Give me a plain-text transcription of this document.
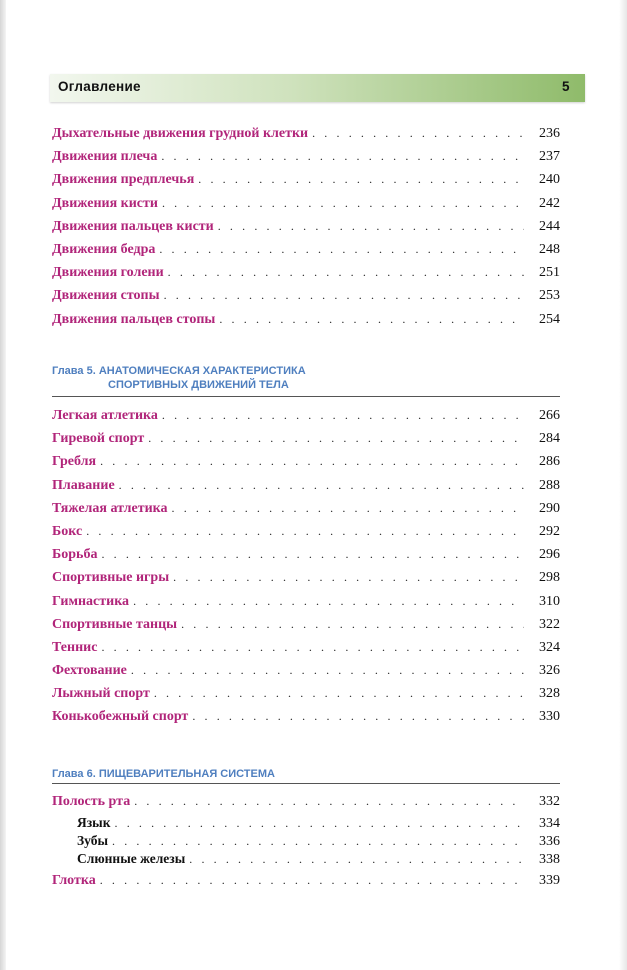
Оглавление	5
Дыхательные движения грудной клетки . . .	236
Движения плеча . . .	237
Движения предплечья . . .	240
Движения кисти . . .	242
Движения пальцев кисти . . .	244
Движения бедра . . .	248
Движения голени . . .	251
Движения стопы . . .	253
Движения пальцев стопы . . .	254
Глава 5. АНАТОМИЧЕСКАЯ ХАРАКТЕРИСТИКА
СПОРТИВНЫХ ДВИЖЕНИЙ ТЕЛА
Легкая атлетика . . .	266
Гиревой спорт . . .	284
Гребля . . .	286
Плавание . . .	288
Тяжелая атлетика . . .	290
Бокс . . .	292
Борьба . . .	296
Спортивные игры . . .	298
Гимнастика . . .	310
Спортивные танцы . . .	322
Теннис . . .	324
Фехтование . . .	326
Лыжный спорт . . .	328
Конькобежный спорт . . .	330
Глава 6. ПИЩЕВАРИТЕЛЬНАЯ СИСТЕМА
Полость рта . . .	332
Язык . . .	334
Зубы . . .	336
Слюнные железы . . .	338
Глотка . . .	339
